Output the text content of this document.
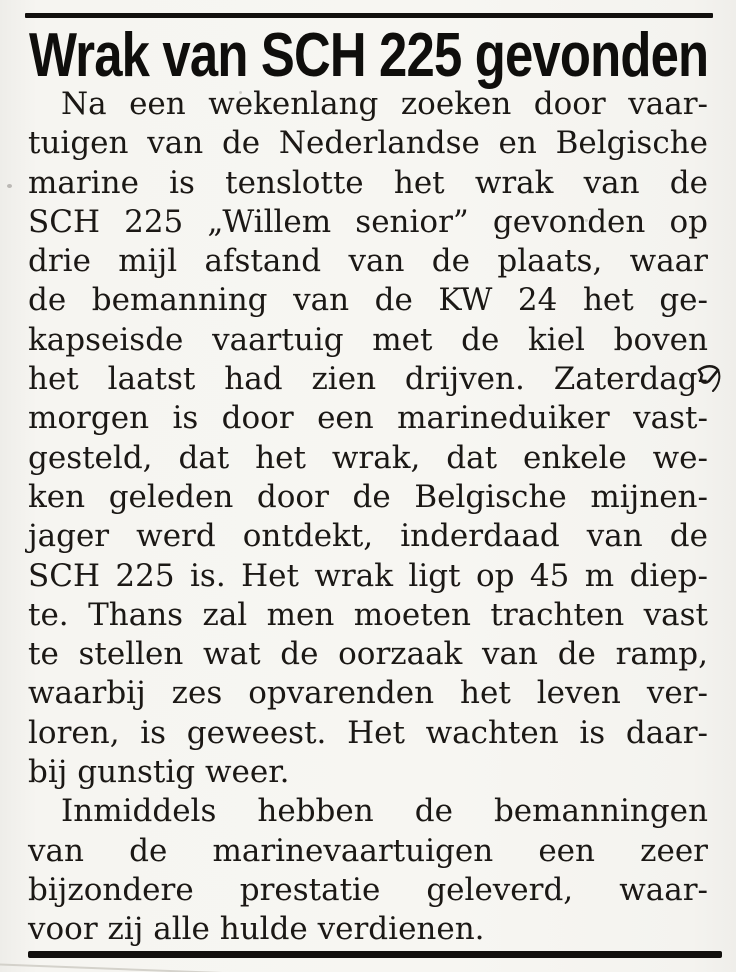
Wrak van SCH 225 gevonden
Na een wekenlang zoeken door vaar-
tuigen van de Nederlandse en Belgische
marine is tenslotte het wrak van de
SCH 225 „Willem senior” gevonden op
drie mijl afstand van de plaats, waar
de bemanning van de KW 24 het ge-
kapseisde vaartuig met de kiel boven
het laatst had zien drijven. Zaterdag-
morgen is door een marineduiker vast-
gesteld, dat het wrak, dat enkele we-
ken geleden door de Belgische mijnen-
jager werd ontdekt, inderdaad van de
SCH 225 is. Het wrak ligt op 45 m diep-
te. Thans zal men moeten trachten vast
te stellen wat de oorzaak van de ramp,
waarbij zes opvarenden het leven ver-
loren, is geweest. Het wachten is daar-
bij gunstig weer.
Inmiddels hebben de bemanningen
van de marinevaartuigen een zeer
bijzondere prestatie geleverd, waar-
voor zij alle hulde verdienen.
